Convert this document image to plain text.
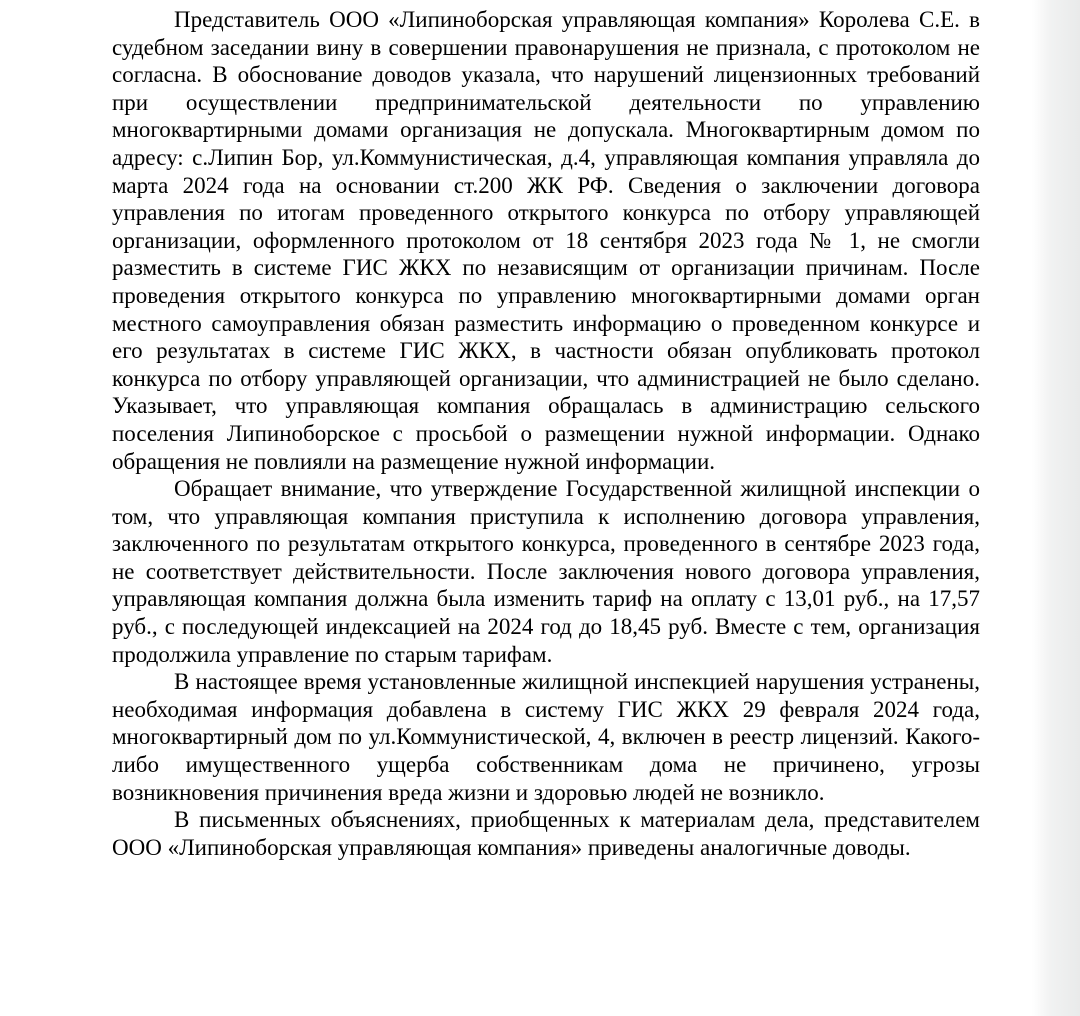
Представитель ООО «Липиноборская управляющая компания» Королева С.Е. в судебном заседании вину в совершении правонарушения не признала, с протоколом не согласна. В обоснование доводов указала, что нарушений лицензионных требований при осуществлении предпринимательской деятельности по управлению многоквартирными домами организация не допускала. Многоквартирным домом по адресу: с.Липин Бор, ул.Коммунистическая, д.4, управляющая компания управляла до марта 2024 года на основании ст.200 ЖК РФ. Сведения о заключении договора управления по итогам проведенного открытого конкурса по отбору управляющей организации, оформленного протоколом от 18 сентября 2023 года № 1, не смогли разместить в системе ГИС ЖКХ по независящим от организации причинам. После проведения открытого конкурса по управлению многоквартирными домами орган местного самоуправления обязан разместить информацию о проведенном конкурсе и его результатах в системе ГИС ЖКХ, в частности обязан опубликовать протокол конкурса по отбору управляющей организации, что администрацией не было сделано. Указывает, что управляющая компания обращалась в администрацию сельского поселения Липиноборское с просьбой о размещении нужной информации. Однако обращения не повлияли на размещение нужной информации.

Обращает внимание, что утверждение Государственной жилищной инспекции о том, что управляющая компания приступила к исполнению договора управления, заключенного по результатам открытого конкурса, проведенного в сентябре 2023 года, не соответствует действительности. После заключения нового договора управления, управляющая компания должна была изменить тариф на оплату с 13,01 руб., на 17,57 руб., с последующей индексацией на 2024 год до 18,45 руб. Вместе с тем, организация продолжила управление по старым тарифам.

В настоящее время установленные жилищной инспекцией нарушения устранены, необходимая информация добавлена в систему ГИС ЖКХ 29 февраля 2024 года, многоквартирный дом по ул.Коммунистической, 4, включен в реестр лицензий. Какого-либо имущественного ущерба собственникам дома не причинено, угрозы возникновения причинения вреда жизни и здоровью людей не возникло.

В письменных объяснениях, приобщенных к материалам дела, представителем ООО «Липиноборская управляющая компания» приведены аналогичные доводы.
